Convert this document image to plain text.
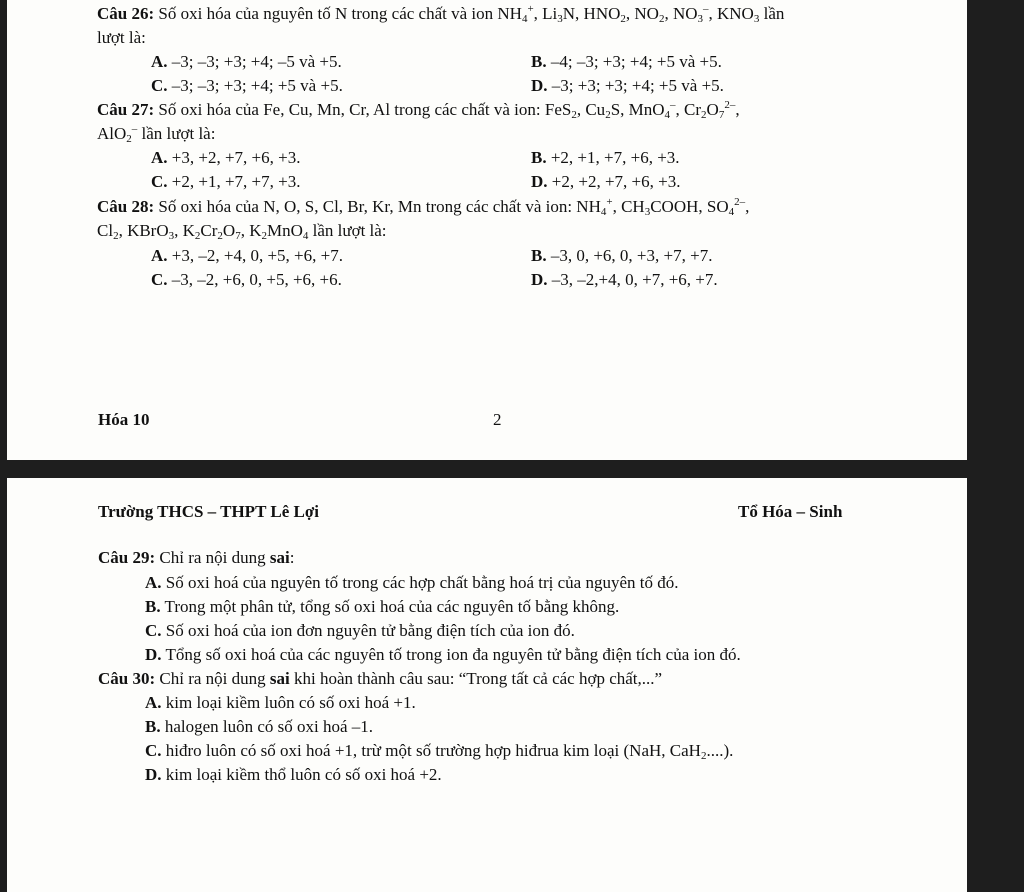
Câu 26: Số oxi hóa của nguyên tố N trong các chất và ion $NH_4^+$, $Li_3N$, $HNO_2$, $NO_2$, $NO_3^-$, $KNO_3$ lần
lượt là:
A. –3; –3; +3; +4; –5 và +5.	B. –4; –3; +3; +4; +5 và +5.
C. –3; –3; +3; +4; +5 và +5.	D. –3; +3; +3; +4; +5 và +5.
Câu 27: Số oxi hóa của Fe, Cu, Mn, Cr, Al trong các chất và ion: FeS$_2$, $Cu_2S$, MnO$_4$–, $Cr_2O_7^{2-}$,
AlO$_2$– lần lượt là:
A. +3, +2, +7, +6, +3.	B. +2, +1, +7, +6, +3.
C. +2, +1, +7, +7, +3.	D. +2, +2, +7, +6, +3.
Câu 28: Số oxi hóa của N, O, S, Cl, Br, Kr, Mn trong các chất và ion: $NH_4^+$, $CH_3COOH$, $SO_4^{2-}$,
$Cl_2$, KBrO$_3$, $K_2Cr_2O_7$, $K_2MnO_4$ lần lượt là:
A. +3, –2, +4, 0, +5, +6, +7.	B. –3, 0, +6, 0, +3, +7, +7.
C. –3, –2, +6, 0, +5, +6, +6.	D. –3, –2,+4, 0, +7, +6, +7.
Hóa 10	2
Trường THCS – THPT Lê Lợi	Tổ Hóa – Sinh
Câu 29: Chỉ ra nội dung sai:
A. Số oxi hoá của nguyên tố trong các hợp chất bằng hoá trị của nguyên tố đó.
B. Trong một phân tử, tổng số oxi hoá của các nguyên tố bằng không.
C. Số oxi hoá của ion đơn nguyên tử bằng điện tích của ion đó.
D. Tổng số oxi hoá của các nguyên tố trong ion đa nguyên tử bằng điện tích của ion đó.
Câu 30: Chỉ ra nội dung sai khi hoàn thành câu sau: “Trong tất cả các hợp chất,...”
A. kim loại kiềm luôn có số oxi hoá +1.
B. halogen luôn có số oxi hoá –1.
C. hiđro luôn có số oxi hoá +1, trừ một số trường hợp hiđrua kim loại (NaH, CaH$_2$....).
D. kim loại kiềm thổ luôn có số oxi hoá +2.
